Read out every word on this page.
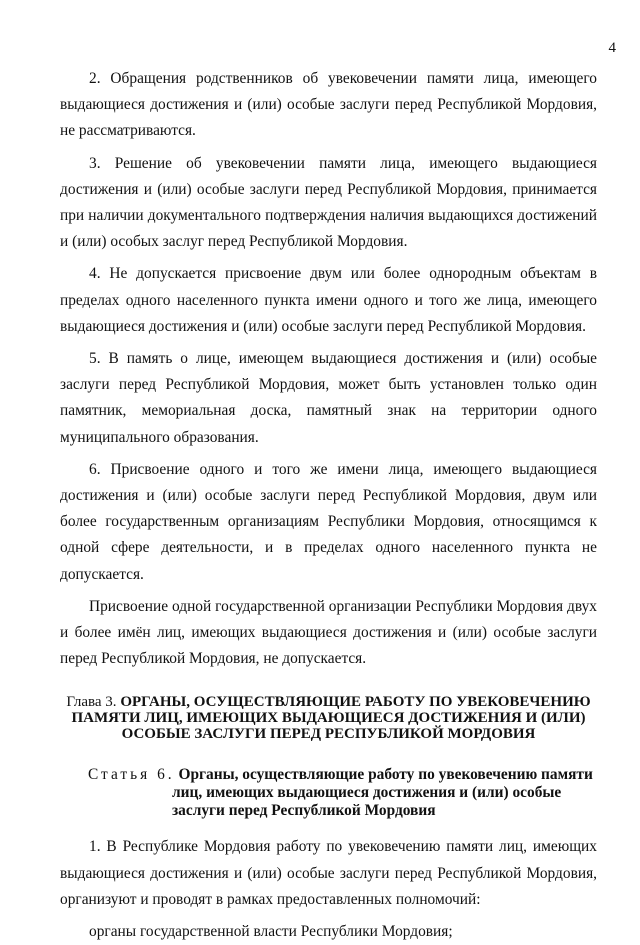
4

2. Обращения родственников об увековечении памяти лица, имеющего выдающиеся достижения и (или) особые заслуги перед Республикой Мордовия, не рассматриваются.

3. Решение об увековечении памяти лица, имеющего выдающиеся достижения и (или) особые заслуги перед Республикой Мордовия, принимается при наличии документального подтверждения наличия выдающихся достижений и (или) особых заслуг перед Республикой Мордовия.

4. Не допускается присвоение двум или более однородным объектам в пределах одного населенного пункта имени одного и того же лица, имеющего выдающиеся достижения и (или) особые заслуги перед Республикой Мордовия.

5. В память о лице, имеющем выдающиеся достижения и (или) особые заслуги перед Республикой Мордовия, может быть установлен только один памятник, мемориальная доска, памятный знак на территории одного муниципального образования.

6. Присвоение одного и того же имени лица, имеющего выдающиеся достижения и (или) особые заслуги перед Республикой Мордовия, двум или более государственным организациям Республики Мордовия, относящимся к одной сфере деятельности, и в пределах одного населенного пункта не допускается.

Присвоение одной государственной организации Республики Мордовия двух и более имён лиц, имеющих выдающиеся достижения и (или) особые заслуги перед Республикой Мордовия, не допускается.

Глава 3. ОРГАНЫ, ОСУЩЕСТВЛЯЮЩИЕ РАБОТУ ПО УВЕКОВЕЧЕНИЮ ПАМЯТИ ЛИЦ, ИМЕЮЩИХ ВЫДАЮЩИЕСЯ ДОСТИЖЕНИЯ И (ИЛИ) ОСОБЫЕ ЗАСЛУГИ ПЕРЕД РЕСПУБЛИКОЙ МОРДОВИЯ
Статья 6. Органы, осуществляющие работу по увековечению памяти лиц, имеющих выдающиеся достижения и (или) особые заслуги перед Республикой Мордовия

1. В Республике Мордовия работу по увековечению памяти лиц, имеющих выдающиеся достижения и (или) особые заслуги перед Республикой Мордовия, организуют и проводят в рамках предоставленных полномочий:

органы государственной власти Республики Мордовия;
